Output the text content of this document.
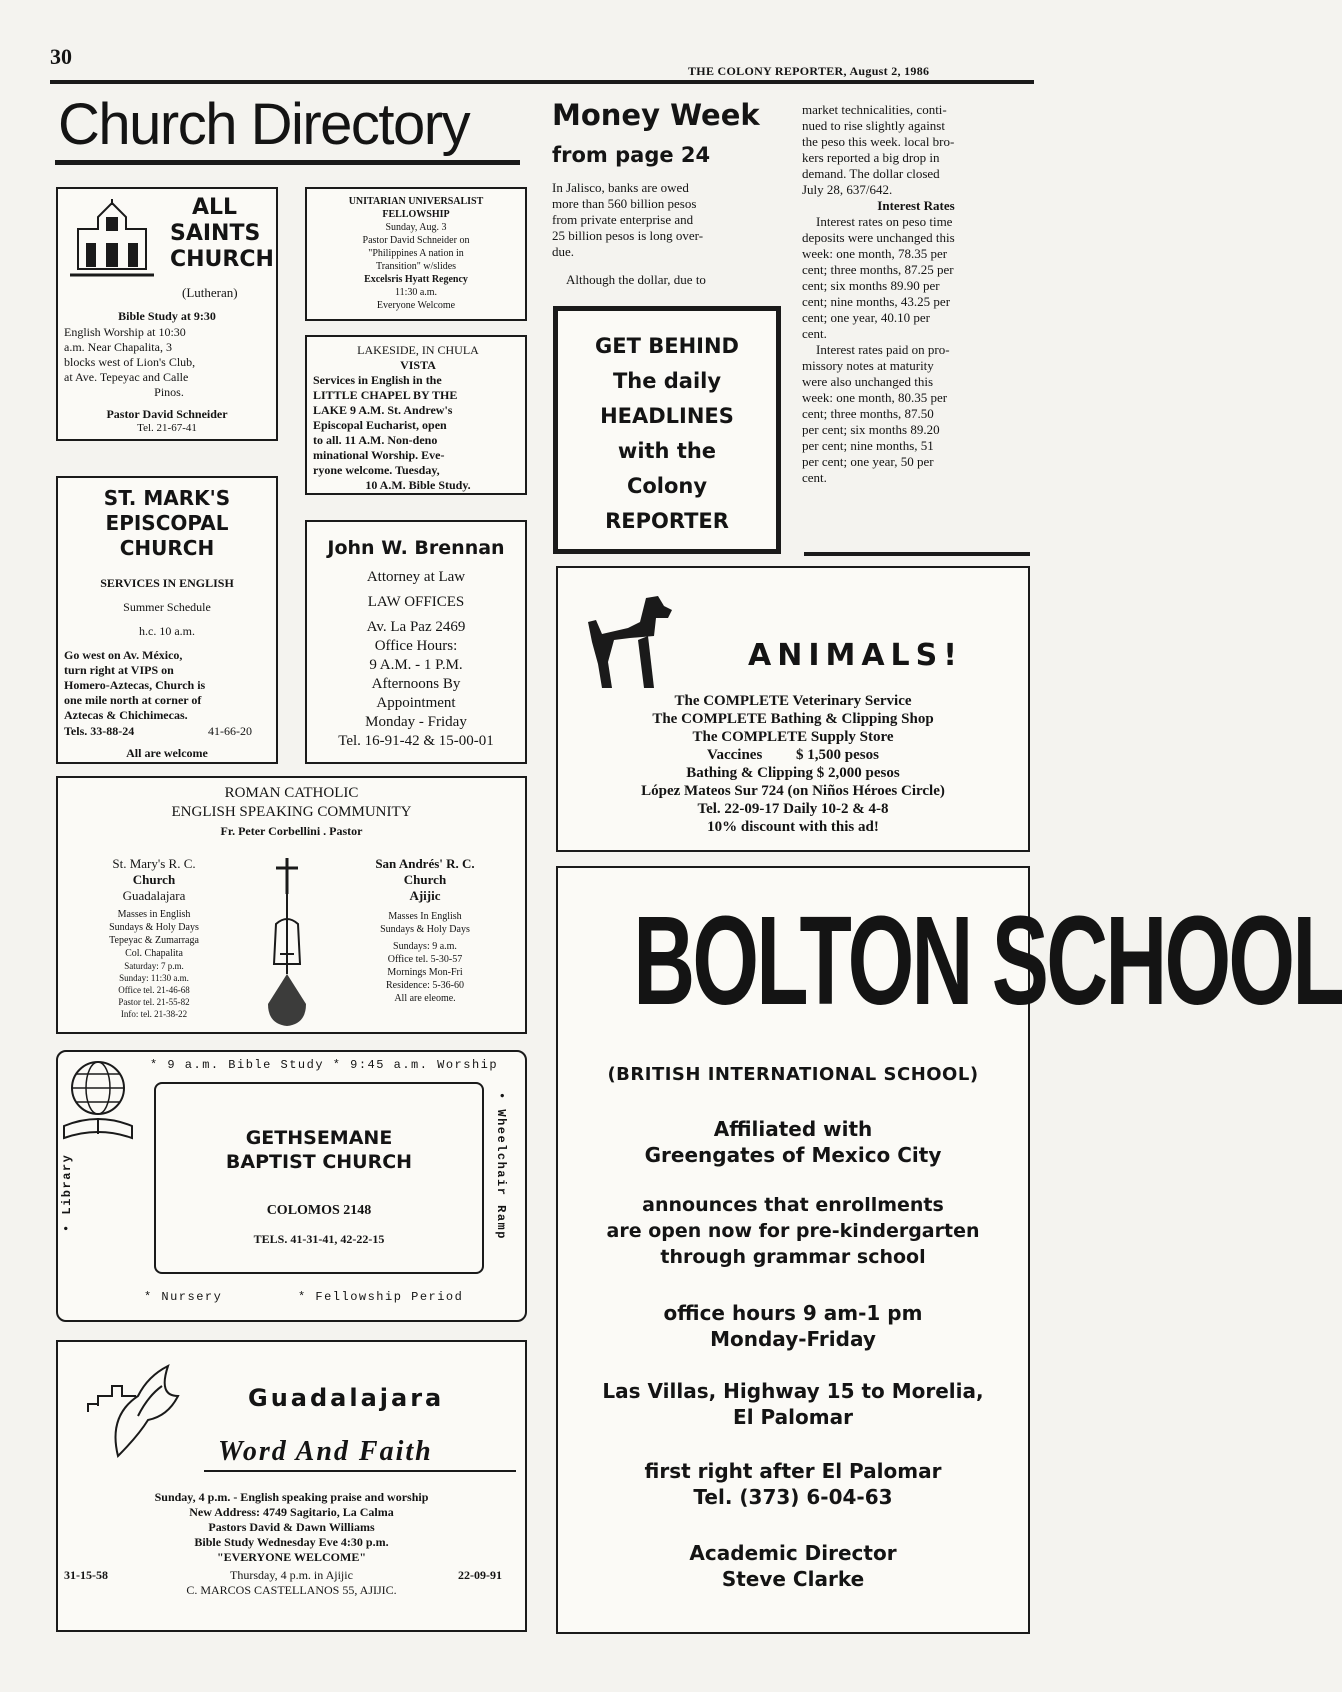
30
THE COLONY REPORTER, August 2, 1986
Church Directory
ALL
SAINTS
CHURCH
(Lutheran)
Bible Study at 9:30
English Worship at 10:30
a.m. Near Chapalita, 3
blocks west of Lion's Club,
at Ave. Tepeyac and Calle
Pinos.
Pastor David Schneider
Tel. 21-67-41
UNITARIAN UNIVERSALIST
FELLOWSHIP
Sunday, Aug. 3
Pastor David Schneider on
"Philippines A nation in
Transition" w/slides
Excelsris Hyatt Regency
11:30 a.m.
Everyone Welcome
LAKESIDE, IN CHULA
VISTA
Services in English in the
LITTLE CHAPEL BY THE
LAKE 9 A.M. St. Andrew's
Episcopal Eucharist, open
to all. 11 A.M. Non-deno
minational Worship. Eve-
ryone welcome. Tuesday,
10 A.M. Bible Study.
ST. MARK'S
EPISCOPAL
CHURCH
SERVICES IN ENGLISH
Summer Schedule
h.c. 10 a.m.
Go west on Av. México,
turn right at VIPS on
Homero-Aztecas, Church is
one mile north at corner of
Aztecas & Chichimecas.
Tels. 33-88-24	41-66-20
All are welcome
John W. Brennan
Attorney at Law
LAW OFFICES
Av. La Paz 2469
Office Hours:
9 A.M. - 1 P.M.
Afternoons By
Appointment
Monday - Friday
Tel. 16-91-42 & 15-00-01
ROMAN CATHOLIC
ENGLISH SPEAKING COMMUNITY
Fr. Peter Corbellini . Pastor
St. Mary's R. C.
Church
Guadalajara
Masses in English
Sundays & Holy Days
Tepeyac & Zumarraga
Col. Chapalita
Saturday: 7 p.m.
Sunday: 11:30 a.m.
Office tel. 21-46-68
Pastor tel. 21-55-82
Info: tel. 21-38-22
San Andrés' R. C.
Church
Ajijic
Masses In English
Sundays & Holy Days
Sundays: 9 a.m.
Office tel. 5-30-57
Mornings Mon-Fri
Residence: 5-36-60
All are eleome.
* 9 a.m. Bible Study * 9:45 a.m. Worship
GETHSEMANE
BAPTIST CHURCH
COLOMOS 2148
TELS. 41-31-41, 42-22-15
• Library	• Wheelchair Ramp
* Nursery	* Fellowship Period
Guadalajara
Word And Faith
Sunday, 4 p.m. - English speaking praise and worship
New Address: 4749 Sagitario, La Calma
Pastors David & Dawn Williams
Bible Study Wednesday Eve 4:30 p.m.
"EVERYONE WELCOME"
31-15-58	Thursday, 4 p.m. in Ajijic	22-09-91
C. MARCOS CASTELLANOS 55, AJIJIC.
Money Week
from page 24
In Jalisco, banks are owed
more than 560 billion pesos
from private enterprise and
25 billion pesos is long over-
due.
Although the dollar, due to
GET BEHIND
The daily
HEADLINES
with the
Colony
REPORTER
market technicalities, conti-
nued to rise slightly against
the peso this week. local bro-
kers reported a big drop in
demand. The dollar closed
July 28, 637/642.
Interest Rates
Interest rates on peso time
deposits were unchanged this
week: one month, 78.35 per
cent; three months, 87.25 per
cent; six months 89.90 per
cent; nine months, 43.25 per
cent; one year, 40.10 per
cent.
Interest rates paid on pro-
missory notes at maturity
were also unchanged this
week: one month, 80.35 per
cent; three months, 87.50
per cent; six months 89.20
per cent; nine months, 51
per cent; one year, 50 per
cent.
ANIMALS!
The COMPLETE Veterinary Service
The COMPLETE Bathing & Clipping Shop
The COMPLETE Supply Store
Vaccines         $ 1,500 pesos
Bathing & Clipping $ 2,000 pesos
López Mateos Sur 724 (on Niños Héroes Circle)
Tel. 22-09-17 Daily 10-2 & 4-8
10% discount with this ad!
BOLTON SCHOOL
(BRITISH INTERNATIONAL SCHOOL)
Affiliated with
Greengates of Mexico City
announces that enrollments
are open now for pre-kindergarten
through grammar school
office hours 9 am-1 pm
Monday-Friday
Las Villas, Highway 15 to Morelia,
El Palomar
first right after El Palomar
Tel. (373) 6-04-63
Academic Director
Steve Clarke
